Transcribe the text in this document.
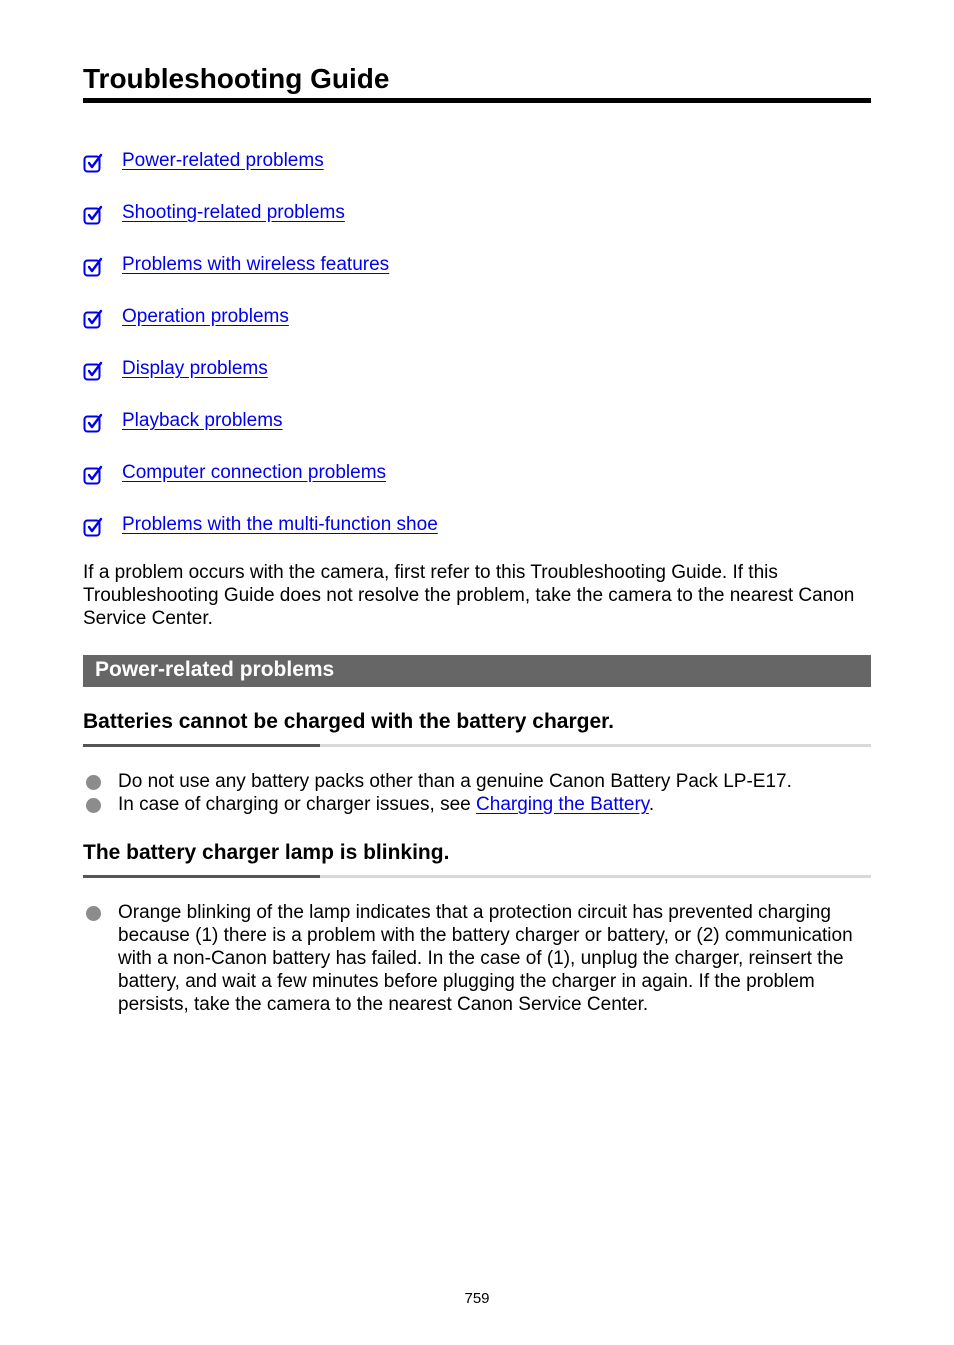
Troubleshooting Guide
Power-related problems
Shooting-related problems
Problems with wireless features
Operation problems
Display problems
Playback problems
Computer connection problems
Problems with the multi-function shoe

If a problem occurs with the camera, first refer to this Troubleshooting Guide. If this Troubleshooting Guide does not resolve the problem, take the camera to the nearest Canon Service Center.

Power-related problems
Batteries cannot be charged with the battery charger.
Do not use any battery packs other than a genuine Canon Battery Pack LP-E17.
In case of charging or charger issues, see Charging the Battery.
The battery charger lamp is blinking.
Orange blinking of the lamp indicates that a protection circuit has prevented charging because (1) there is a problem with the battery charger or battery, or (2) communication with a non-Canon battery has failed. In the case of (1), unplug the charger, reinsert the battery, and wait a few minutes before plugging the charger in again. If the problem persists, take the camera to the nearest Canon Service Center.
759
